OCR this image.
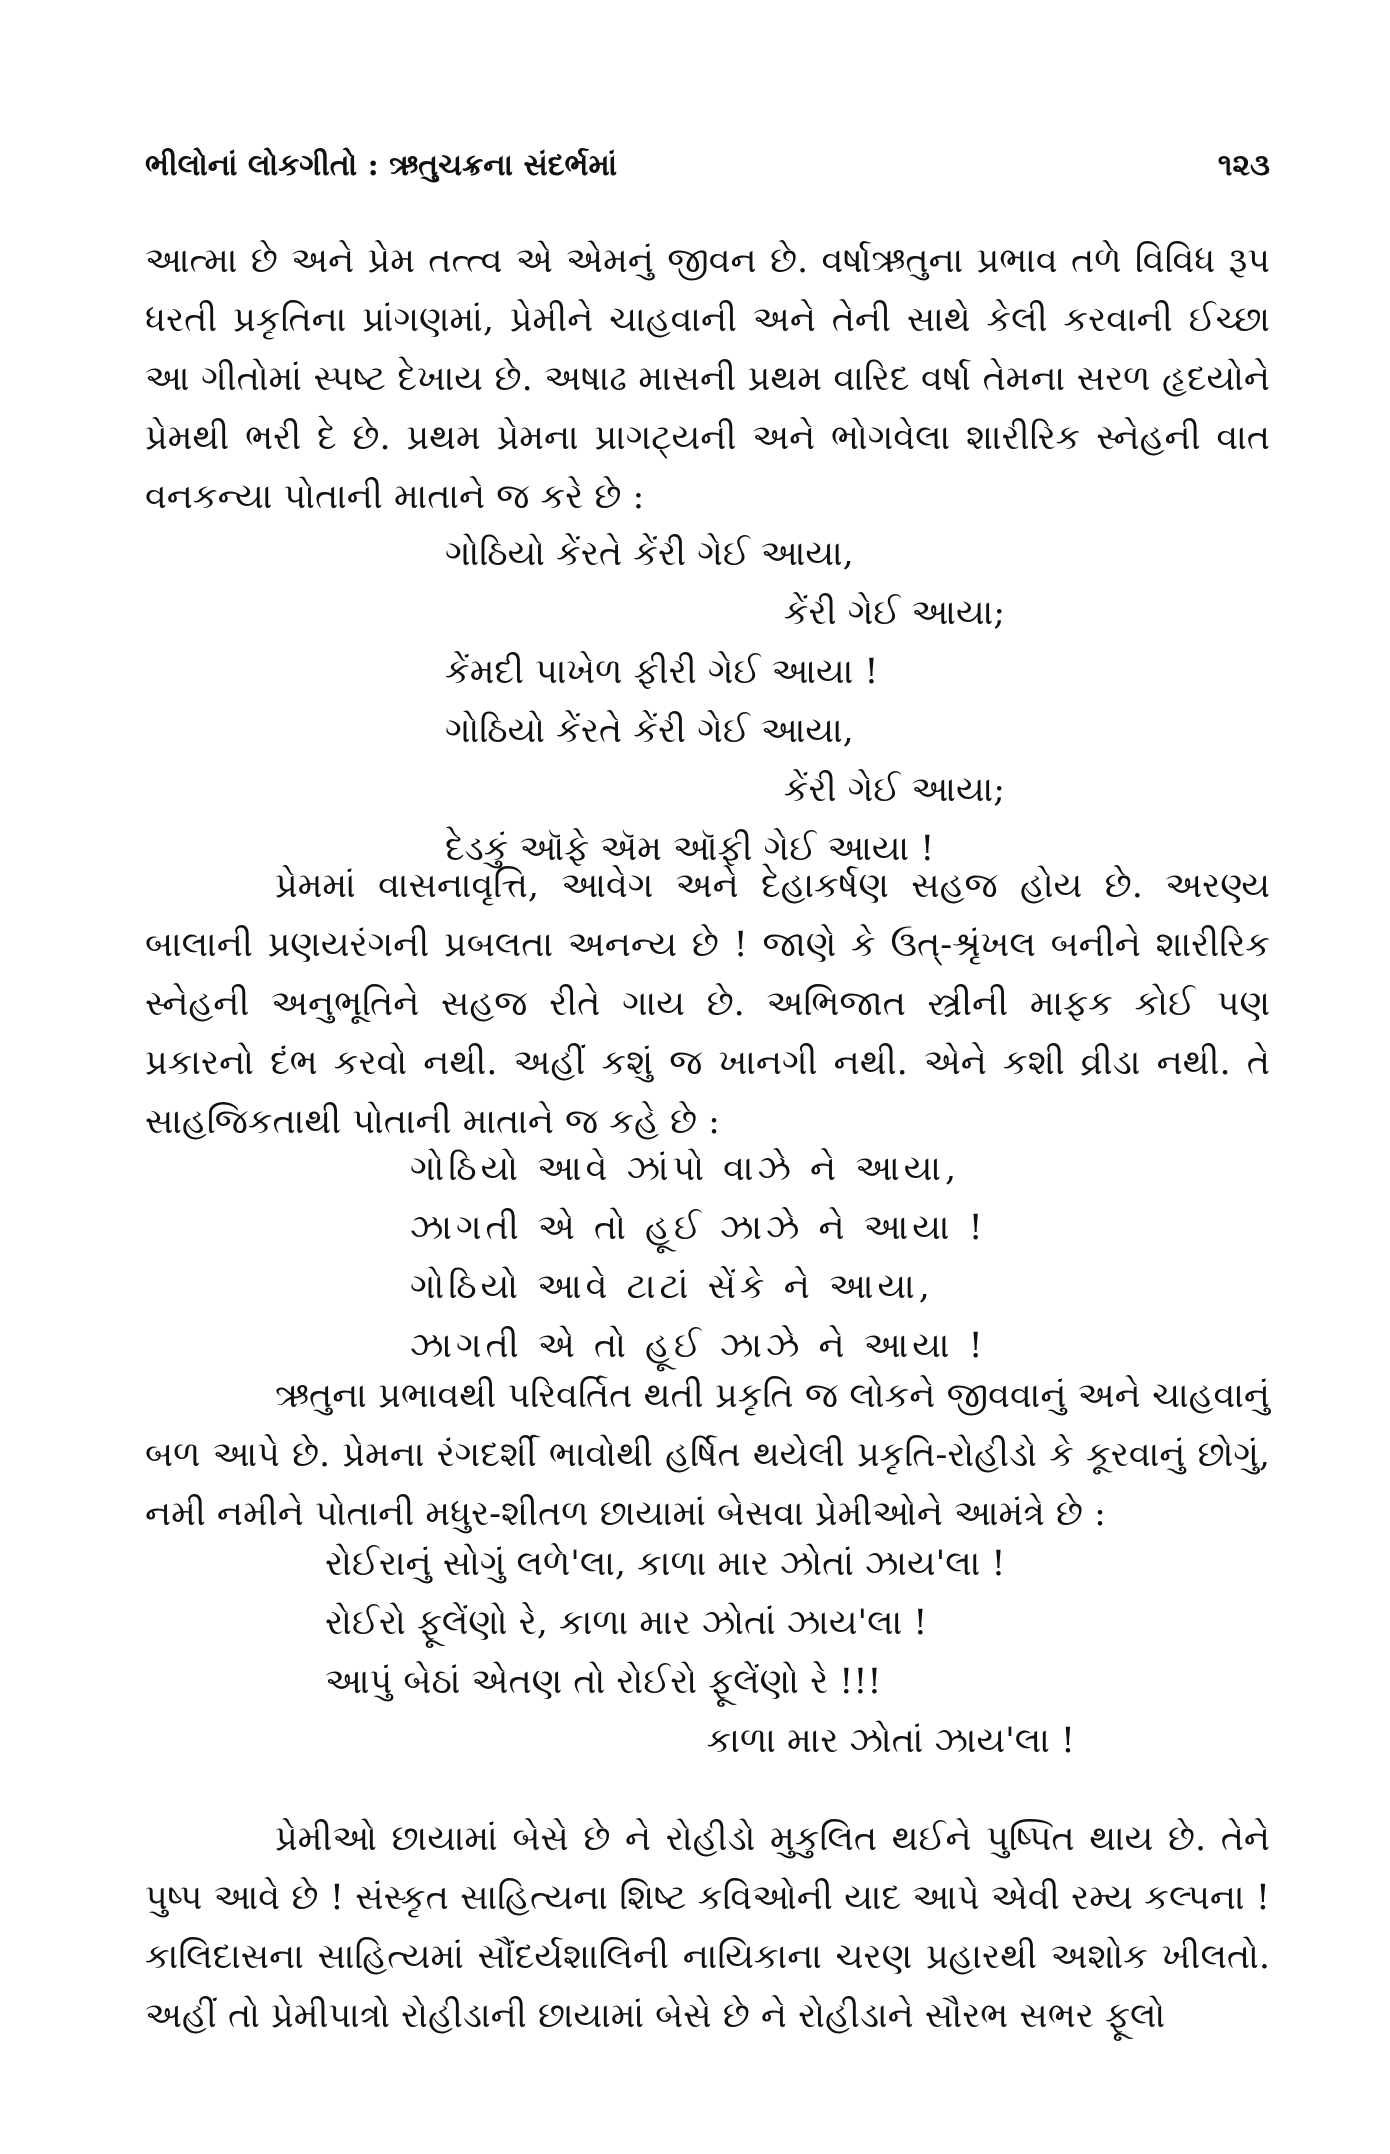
ભીલોનાં લોકગીતો : ઋતુચક્રના સંદર્ભમાં	૧૨૩

આત્મા છે અને પ્રેમ તત્ત્વ એ એમનું જીવન છે. વર્ષાઋતુના પ્રભાવ તળે વિવિધ રૂપ ધરતી પ્રકૃતિના પ્રાંગણમાં, પ્રેમીને ચાહવાની અને તેની સાથે કેલી કરવાની ઈચ્છા આ ગીતોમાં સ્પષ્ટ દેખાય છે. અષાઢ માસની પ્રથમ વારિદ વર્ષા તેમના સરળ હૃદયોને પ્રેમથી ભરી દે છે. પ્રથમ પ્રેમના પ્રાગટ્યની અને ભોગવેલા શારીરિક સ્નેહની વાત વનકન્યા પોતાની માતાને જ કરે છે :

ગોઠિયો કેંરતે કેંરી ગેઈ આયા,
કેંરી ગેઈ આયા;
કેંમદી પાખેળ ફીરી ગેઈ આયા !
ગોઠિયો કેંરતે કેંરી ગેઈ આયા,
કેંરી ગેઈ આયા;
દેડકું ઑફે ઍમ ઑફી ગેઈ આયા !

પ્રેમમાં વાસનાવૃત્તિ, આવેગ અને દેહાકર્ષણ સહજ હોય છે. અરણ્ય બાલાની પ્રણયરંગની પ્રબલતા અનન્ય છે ! જાણે કે ઉત્-શ્રૃંખલ બનીને શારીરિક સ્નેહની અનુભૂતિને સહજ રીતે ગાય છે. અભિજાત સ્ત્રીની માફક કોઈ પણ પ્રકારનો દંભ કરવો નથી. અહીં કશું જ ખાનગી નથી. એને કશી વ્રીડા નથી. તે સાહજિકતાથી પોતાની માતાને જ કહે છે :

ગોઠિયો આવે ઝાંપો વાઝે ને આયા,
ઝાગતી એ તો હૂઈ ઝાઝે ને આયા !
ગોઠિયો આવે ટાટાં સેંકે ને આયા,
ઝાગતી એ તો હૂઈ ઝાઝે ને આયા !

ઋતુના પ્રભાવથી પરિવર્તિત થતી પ્રકૃતિ જ લોકને જીવવાનું અને ચાહવાનું બળ આપે છે. પ્રેમના રંગદર્શી ભાવોથી હર્ષિત થયેલી પ્રકૃતિ-રોહીડો કે કૂરવાનું છોગું, નમી નમીને પોતાની મધુર-શીતળ છાયામાં બેસવા પ્રેમીઓને આમંત્રે છે :

રોઈરાનું સોગું લળે'લા, કાળા માર ઝોતાં ઝાય'લા !
રોઈરો ફૂલેંણો રે, કાળા માર ઝોતાં ઝાય'લા !
આપું બેઠાં એતણ તો રોઈરો ફૂલેંણો રે !!!
કાળા માર ઝોતાં ઝાય'લા !

પ્રેમીઓ છાયામાં બેસે છે ને રોહીડો મુકુલિત થઈને પુષ્પિત થાય છે. તેને પુષ્પ આવે છે ! સંસ્કૃત સાહિત્યના શિષ્ટ કવિઓની યાદ આપે એવી રમ્ય કલ્પના ! કાલિદાસના સાહિત્યમાં સૌંદર્યશાલિની નાયિકાના ચરણ પ્રહારથી અશોક ખીલતો. અહીં તો પ્રેમીપાત્રો રોહીડાની છાયામાં બેસે છે ને રોહીડાને સૌરભ સભર ફૂલો
